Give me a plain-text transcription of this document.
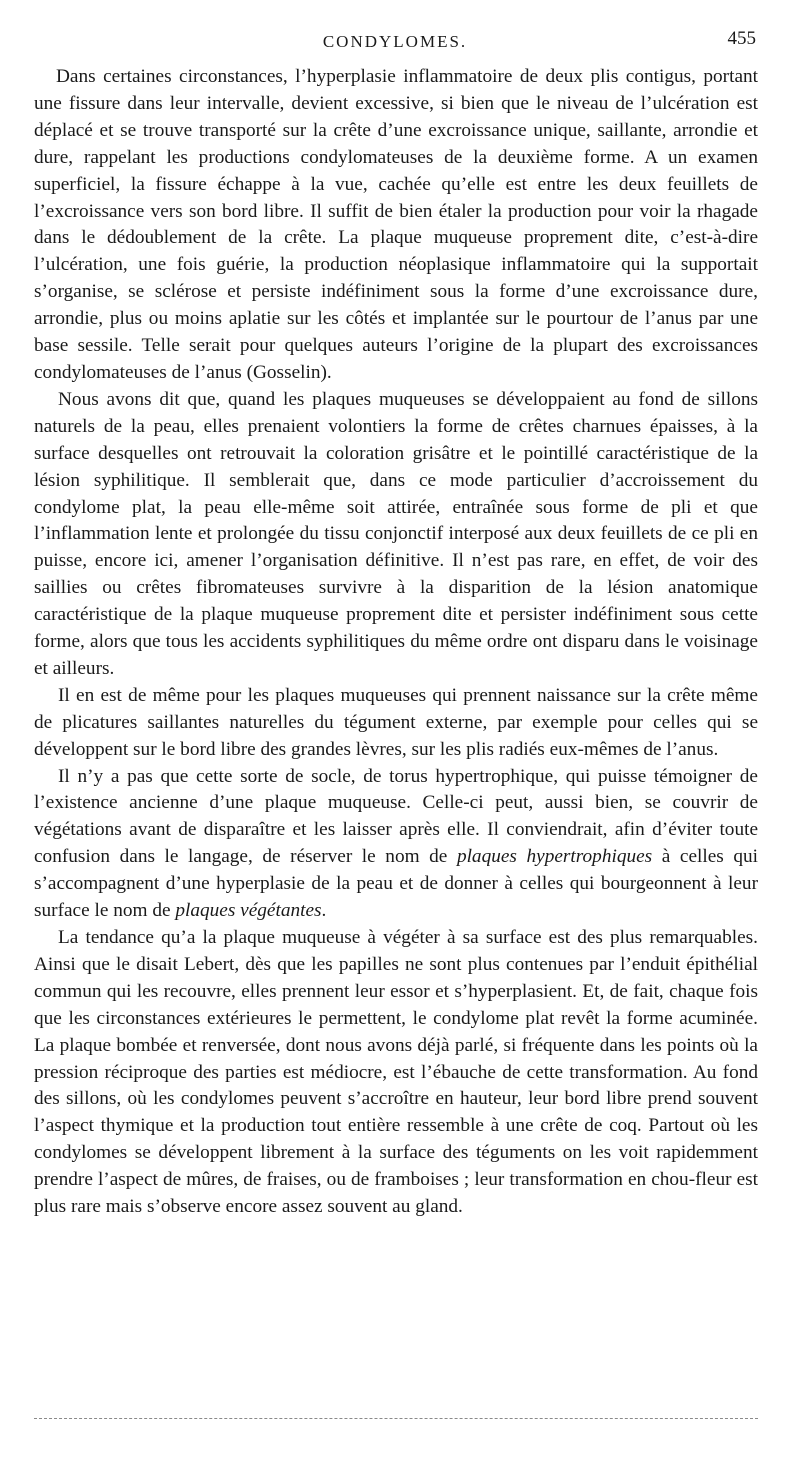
CONDYLOMES.	455

Dans certaines circonstances, l’hyperplasie inflammatoire de deux plis contigus, portant une fissure dans leur intervalle, devient excessive, si bien que le niveau de l’ulcération est déplacé et se trouve transporté sur la crête d’une excroissance unique, saillante, arrondie et dure, rappelant les productions condylomateuses de la deuxième forme. A un examen superficiel, la fissure échappe à la vue, cachée qu’elle est entre les deux feuillets de l’excroissance vers son bord libre. Il suffit de bien étaler la production pour voir la rhagade dans le dédoublement de la crête. La plaque muqueuse proprement dite, c’est-à-dire l’ulcération, une fois guérie, la production néoplasique inflammatoire qui la supportait s’organise, se sclérose et persiste indéfiniment sous la forme d’une excroissance dure, arrondie, plus ou moins aplatie sur les côtés et implantée sur le pourtour de l’anus par une base sessile. Telle serait pour quelques auteurs l’origine de la plupart des excroissances condylomateuses de l’anus (Gosselin).

Nous avons dit que, quand les plaques muqueuses se développaient au fond de sillons naturels de la peau, elles prenaient volontiers la forme de crêtes charnues épaisses, à la surface desquelles ont retrouvait la coloration grisâtre et le pointillé caractéristique de la lésion syphilitique. Il semblerait que, dans ce mode particulier d’accroissement du condylome plat, la peau elle-même soit attirée, entraînée sous forme de pli et que l’inflammation lente et prolongée du tissu conjonctif interposé aux deux feuillets de ce pli en puisse, encore ici, amener l’organisation définitive. Il n’est pas rare, en effet, de voir des saillies ou crêtes fibromateuses survivre à la disparition de la lésion anatomique caractéristique de la plaque muqueuse proprement dite et persister indéfiniment sous cette forme, alors que tous les accidents syphilitiques du même ordre ont disparu dans le voisinage et ailleurs.

Il en est de même pour les plaques muqueuses qui prennent naissance sur la crête même de plicatures saillantes naturelles du tégument externe, par exemple pour celles qui se développent sur le bord libre des grandes lèvres, sur les plis radiés eux-mêmes de l’anus.

Il n’y a pas que cette sorte de socle, de torus hypertrophique, qui puisse témoigner de l’existence ancienne d’une plaque muqueuse. Celle-ci peut, aussi bien, se couvrir de végétations avant de disparaître et les laisser après elle. Il conviendrait, afin d’éviter toute confusion dans le langage, de réserver le nom de plaques hypertrophiques à celles qui s’accompagnent d’une hyperplasie de la peau et de donner à celles qui bourgeonnent à leur surface le nom de plaques végétantes.

La tendance qu’a la plaque muqueuse à végéter à sa surface est des plus remarquables. Ainsi que le disait Lebert, dès que les papilles ne sont plus contenues par l’enduit épithélial commun qui les recouvre, elles prennent leur essor et s’hyperplasient. Et, de fait, chaque fois que les circonstances extérieures le permettent, le condylome plat revêt la forme acuminée. La plaque bombée et renversée, dont nous avons déjà parlé, si fréquente dans les points où la pression réciproque des parties est médiocre, est l’ébauche de cette transformation. Au fond des sillons, où les condylomes peuvent s’accroître en hauteur, leur bord libre prend souvent l’aspect thymique et la production tout entière ressemble à une crête de coq. Partout où les condylomes se développent librement à la surface des téguments on les voit rapidemment prendre l’aspect de mûres, de fraises, ou de framboises ; leur transformation en chou-fleur est plus rare mais s’observe encore assez souvent au gland.
